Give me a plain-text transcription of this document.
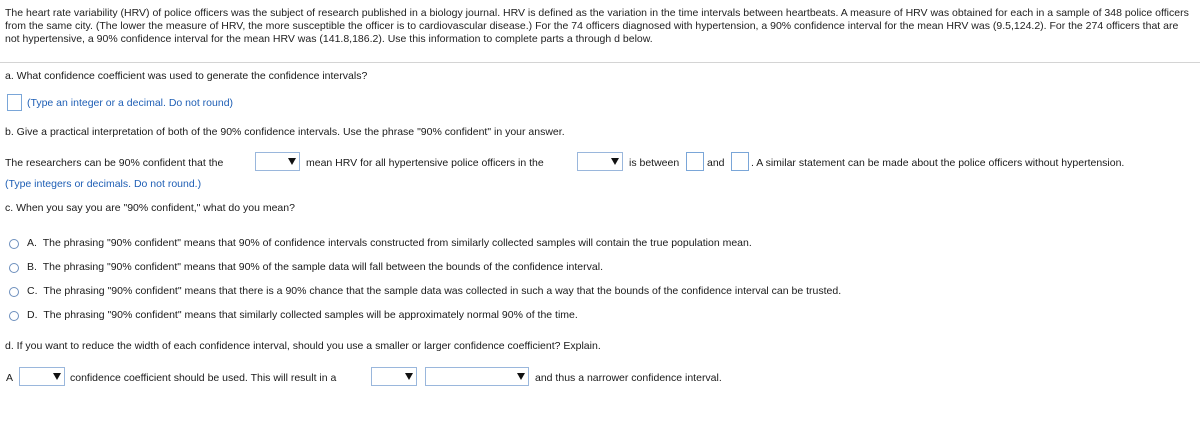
The heart rate variability (HRV) of police officers was the subject of research published in a biology journal. HRV is defined as the variation in the time intervals between heartbeats. A measure of HRV was obtained for each in a sample of 348 police officers from the same city. (The lower the measure of HRV, the more susceptible the officer is to cardiovascular disease.) For the 74 officers diagnosed with hypertension, a 90% confidence interval for the mean HRV was (9.5,124.2). For the 274 officers that are not hypertensive, a 90% confidence interval for the mean HRV was (141.8,186.2). Use this information to complete parts a through d below.
a. What confidence coefficient was used to generate the confidence intervals?
(Type an integer or a decimal. Do not round)
b. Give a practical interpretation of both of the 90% confidence intervals. Use the phrase "90% confident" in your answer.
The researchers can be 90% confident that the	mean HRV for all hypertensive police officers in the	is between	and	. A similar statement can be made about the police officers without hypertension.
(Type integers or decimals. Do not round.)
c. When you say you are "90% confident," what do you mean?
A. The phrasing "90% confident" means that 90% of confidence intervals constructed from similarly collected samples will contain the true population mean.
B. The phrasing "90% confident" means that 90% of the sample data will fall between the bounds of the confidence interval.
C. The phrasing "90% confident" means that there is a 90% chance that the sample data was collected in such a way that the bounds of the confidence interval can be trusted.
D. The phrasing "90% confident" means that similarly collected samples will be approximately normal 90% of the time.
d. If you want to reduce the width of each confidence interval, should you use a smaller or larger confidence coefficient? Explain.
A	confidence coefficient should be used. This will result in a	and thus a narrower confidence interval.
